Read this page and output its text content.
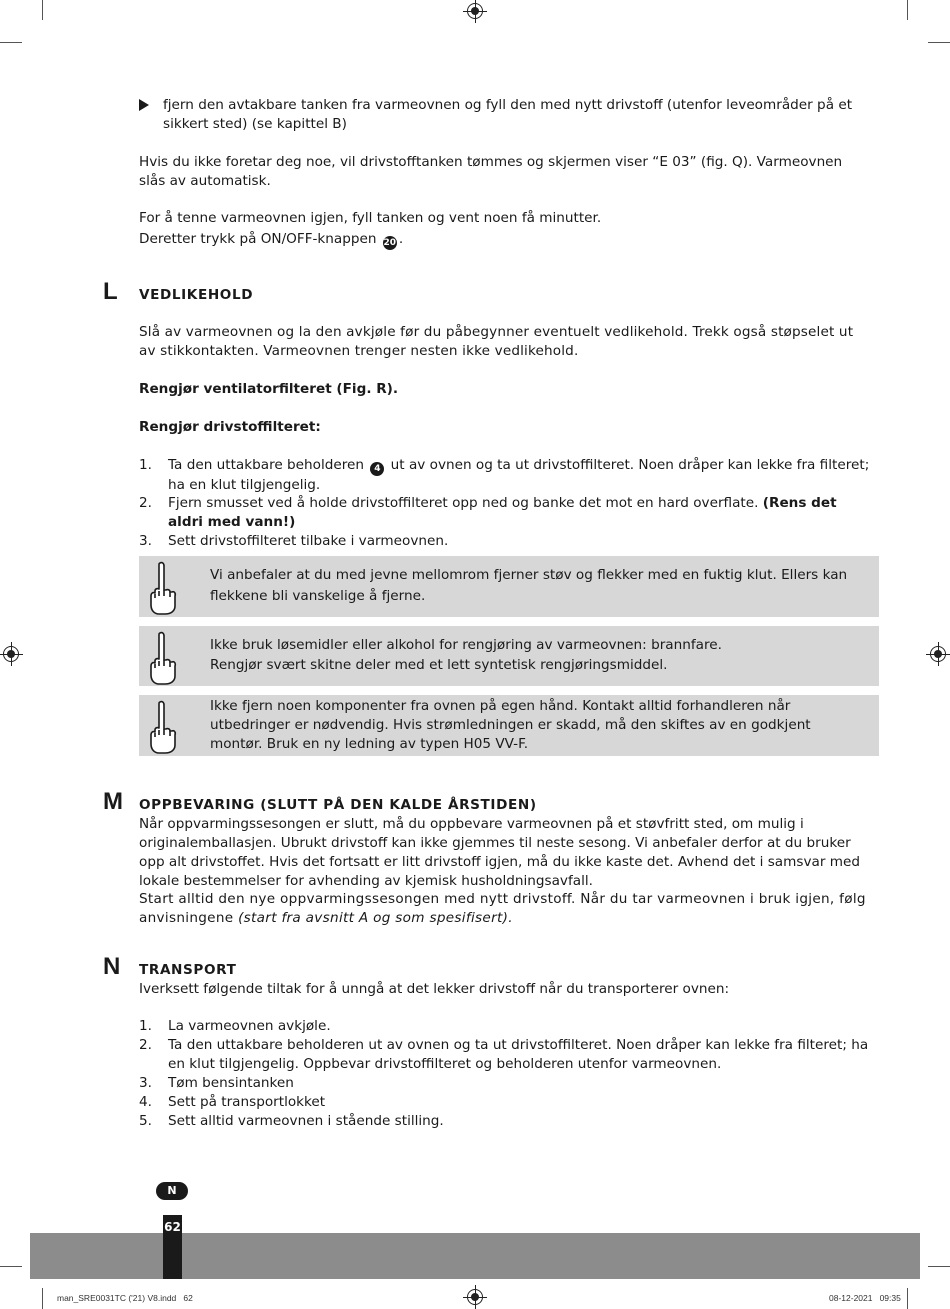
fjern den avtakbare tanken fra varmeovnen og fyll den med nytt drivstoff (utenfor leveområder på et sikkert sted) (se kapittel B)

Hvis du ikke foretar deg noe, vil drivstofftanken tømmes og skjermen viser “E 03” (fig. Q). Varmeovnen slås av automatisk.

For å tenne varmeovnen igjen, fyll tanken og vent noen få minutter.

Deretter trykk på ON/OFF-knappen 20 .

L VEDLIKEHOLD

Slå av varmeovnen og la den avkjøle før du påbegynner eventuelt vedlikehold. Trekk også støpselet ut av stikkontakten. Varmeovnen trenger nesten ikke vedlikehold.

Rengjør ventilatorfilteret (Fig. R).

Rengjør drivstoffilteret:

1. Ta den uttakbare beholderen 4 ut av ovnen og ta ut drivstoffilteret. Noen dråper kan lekke fra filteret; ha en klut tilgjengelig.

2. Fjern smusset ved å holde drivstoffilteret opp ned og banke det mot en hard overflate. (Rens det aldri med vann!)

3. Sett drivstoffilteret tilbake i varmeovnen.

Vi anbefaler at du med jevne mellomrom fjerner støv og flekker med en fuktig klut. Ellers kan flekkene bli vanskelige å fjerne.
Ikke bruk løsemidler eller alkohol for rengjøring av varmeovnen: brannfare.
Rengjør svært skitne deler med et lett syntetisk rengjøringsmiddel.
Ikke fjern noen komponenter fra ovnen på egen hånd. Kontakt alltid forhandleren når utbedringer er nødvendig. Hvis strømledningen er skadd, må den skiftes av en godkjent montør. Bruk en ny ledning av typen H05 VV-F.
M OPPBEVARING (SLUTT PÅ DEN KALDE ÅRSTIDEN)

Når oppvarmingssesongen er slutt, må du oppbevare varmeovnen på et støvfritt sted, om mulig i originalemballasjen. Ubrukt drivstoff kan ikke gjemmes til neste sesong. Vi anbefaler derfor at du bruker opp alt drivstoffet. Hvis det fortsatt er litt drivstoff igjen, må du ikke kaste det. Avhend det i samsvar med lokale bestemmelser for avhending av kjemisk husholdningsavfall.

Start alltid den nye oppvarmingssesongen med nytt drivstoff. Når du tar varmeovnen i bruk igjen, følg anvisningene (start fra avsnitt A og som spesifisert).

N TRANSPORT

Iverksett følgende tiltak for å unngå at det lekker drivstoff når du transporterer ovnen:

1. La varmeovnen avkjøle.

2. Ta den uttakbare beholderen ut av ovnen og ta ut drivstoffilteret. Noen dråper kan lekke fra filteret; ha en klut tilgjengelig. Oppbevar drivstoffilteret og beholderen utenfor varmeovnen.

3. Tøm bensintanken

4. Sett på transportlokket

5. Sett alltid varmeovnen i stående stilling.

N
62
man_SRE0031TC ('21) V8.indd   62	08-12-2021   09:35
